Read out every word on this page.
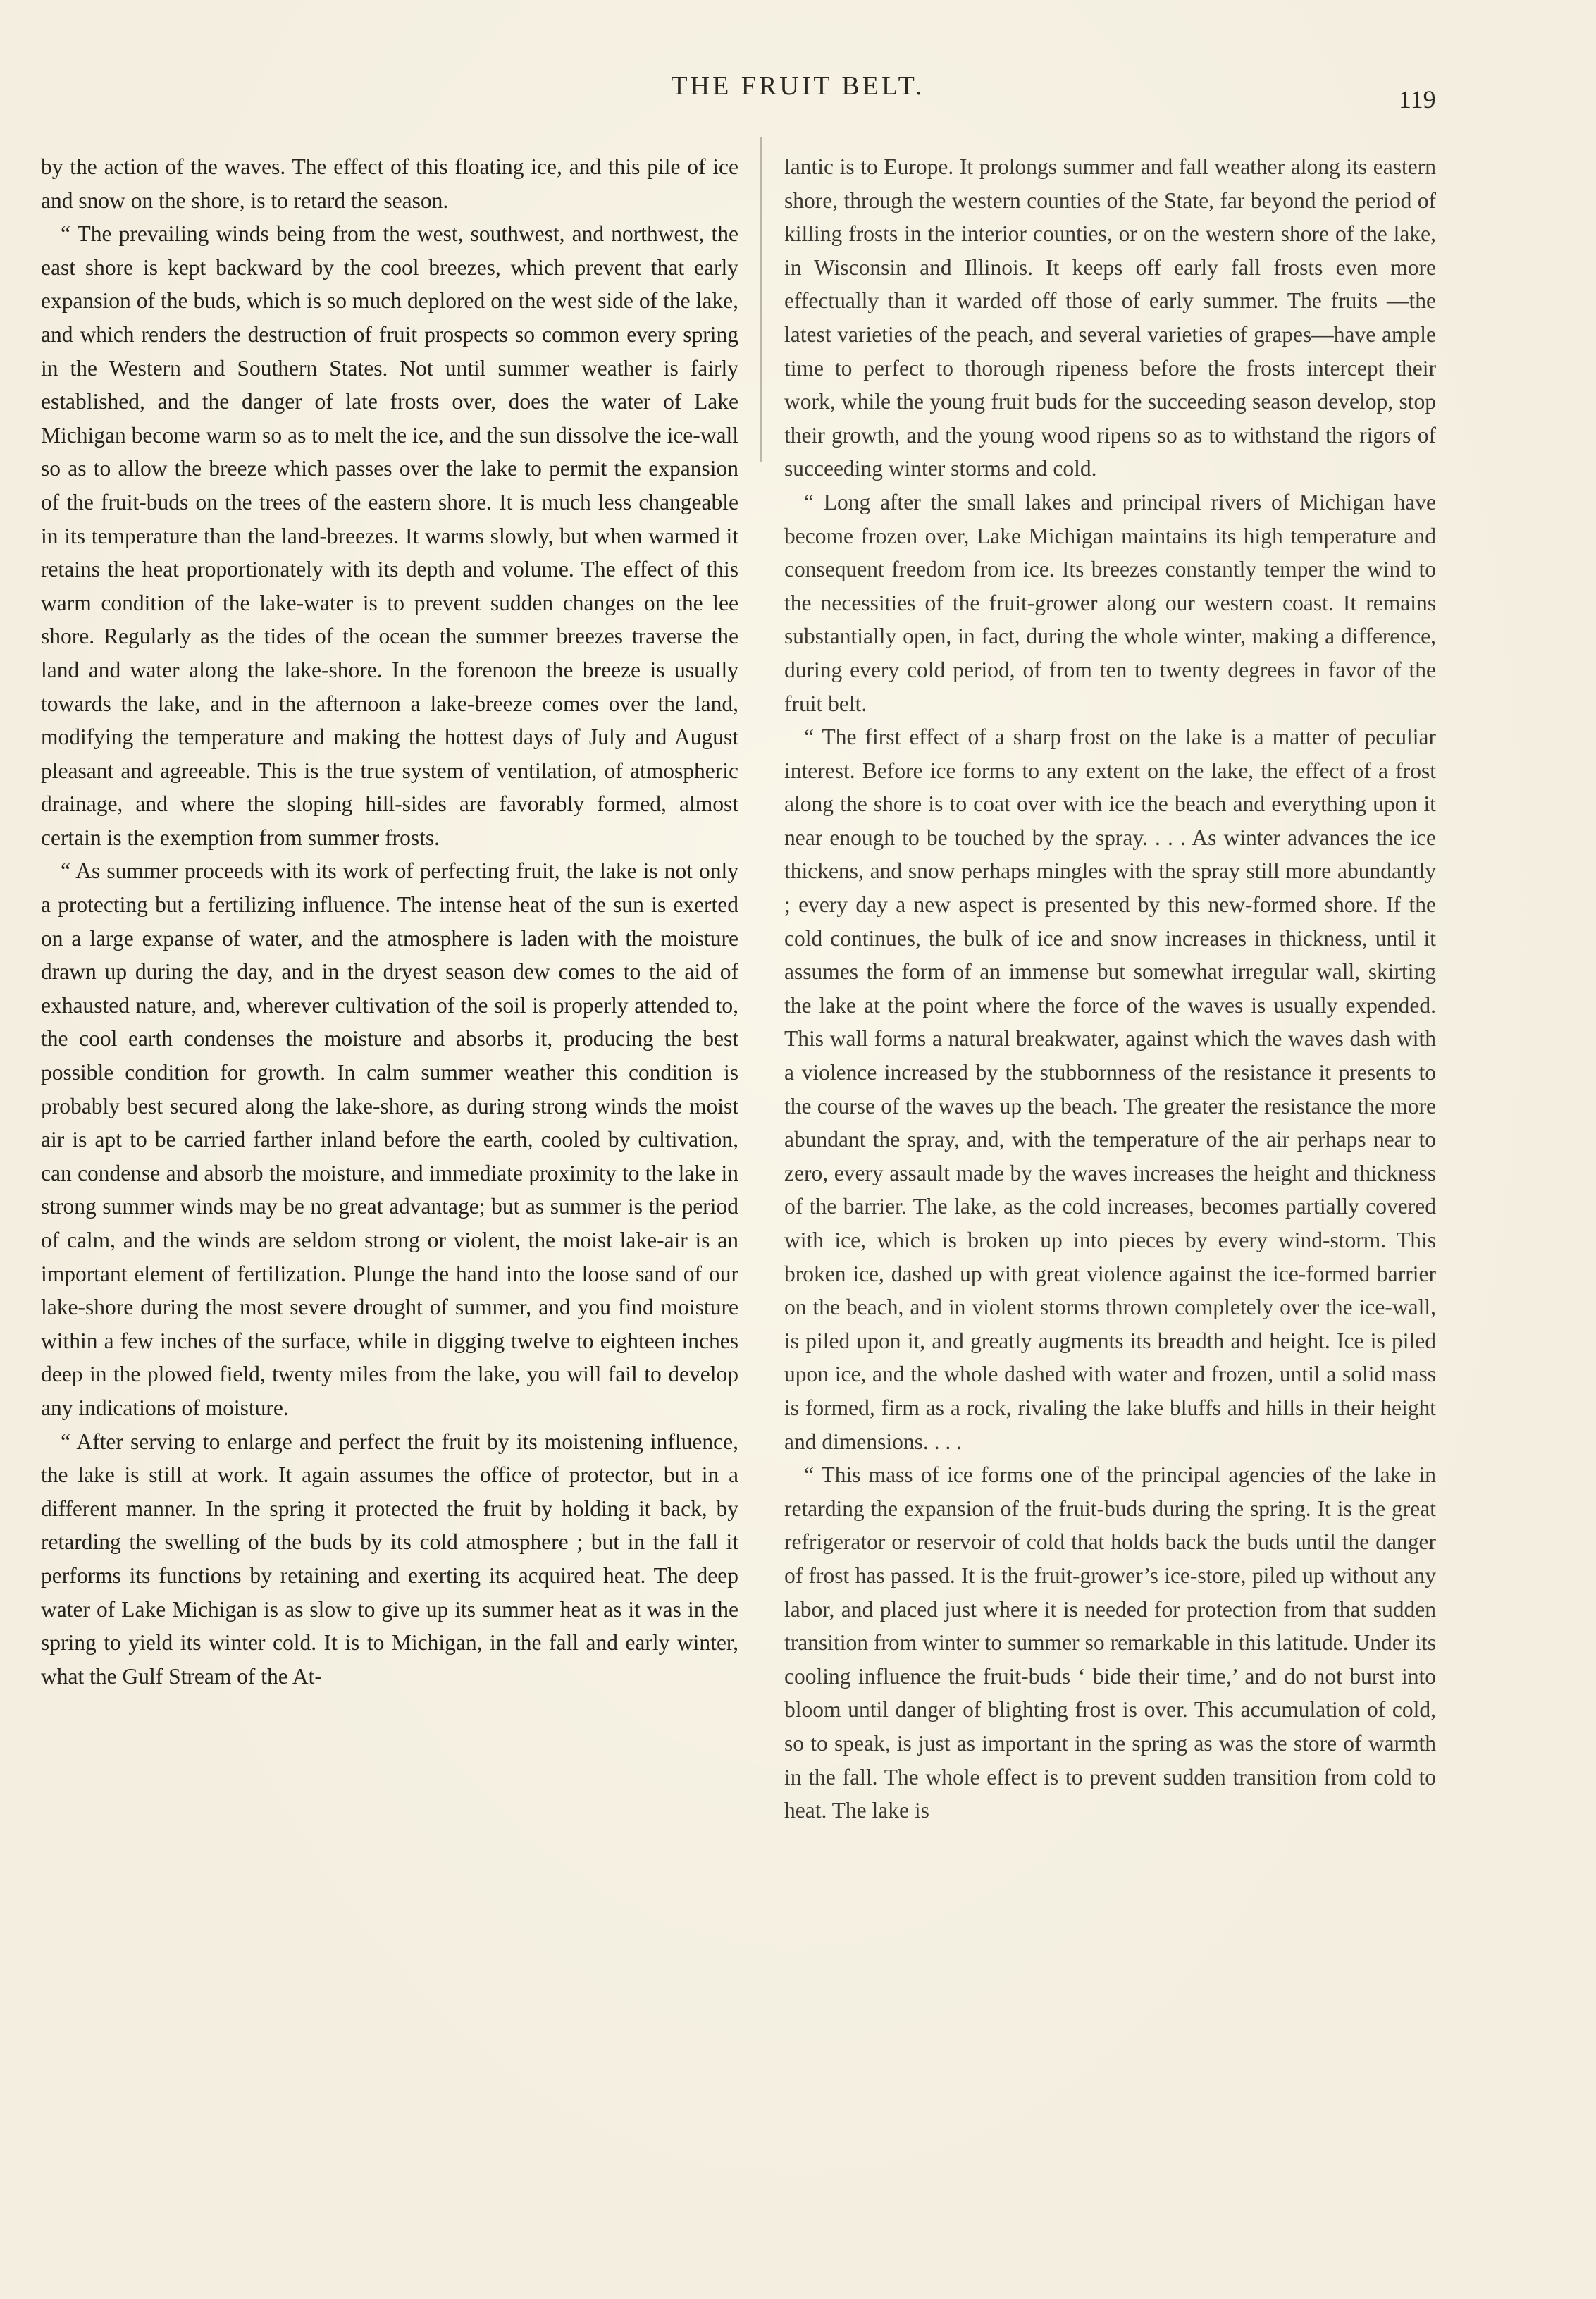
THE FRUIT BELT.	119

by the action of the waves. The effect of this floating ice, and this pile of ice and snow on the shore, is to retard the season.

“ The prevailing winds being from the west, southwest, and northwest, the east shore is kept backward by the cool breezes, which prevent that early expansion of the buds, which is so much deplored on the west side of the lake, and which renders the destruction of fruit prospects so common every spring in the Western and Southern States. Not until summer weather is fairly established, and the danger of late frosts over, does the water of Lake Michigan become warm so as to melt the ice, and the sun dissolve the ice-wall so as to allow the breeze which passes over the lake to permit the expansion of the fruit-buds on the trees of the eastern shore. It is much less changeable in its temperature than the land-breezes. It warms slowly, but when warmed it retains the heat proportionately with its depth and volume. The effect of this warm condition of the lake-water is to prevent sudden changes on the lee shore. Regularly as the tides of the ocean the summer breezes traverse the land and water along the lake-shore. In the forenoon the breeze is usually towards the lake, and in the afternoon a lake-breeze comes over the land, modifying the temperature and making the hottest days of July and August pleasant and agreeable. This is the true system of ventilation, of atmospheric drainage, and where the sloping hill-sides are favorably formed, almost certain is the exemption from summer frosts.

“ As summer proceeds with its work of perfecting fruit, the lake is not only a protecting but a fertilizing influence. The intense heat of the sun is exerted on a large expanse of water, and the atmosphere is laden with the moisture drawn up during the day, and in the dryest season dew comes to the aid of exhausted nature, and, wherever cultivation of the soil is properly attended to, the cool earth condenses the moisture and absorbs it, producing the best possible condition for growth. In calm summer weather this condition is probably best secured along the lake-shore, as during strong winds the moist air is apt to be carried farther inland before the earth, cooled by cultivation, can condense and absorb the moisture, and immediate proximity to the lake in strong summer winds may be no great advantage; but as summer is the period of calm, and the winds are seldom strong or violent, the moist lake-air is an important element of fertilization. Plunge the hand into the loose sand of our lake-shore during the most severe drought of summer, and you find moisture within a few inches of the surface, while in digging twelve to eighteen inches deep in the plowed field, twenty miles from the lake, you will fail to develop any indications of moisture.

“ After serving to enlarge and perfect the fruit by its moistening influence, the lake is still at work. It again assumes the office of protector, but in a different manner. In the spring it protected the fruit by holding it back, by retarding the swelling of the buds by its cold atmosphere ; but in the fall it performs its functions by retaining and exerting its acquired heat. The deep water of Lake Michigan is as slow to give up its summer heat as it was in the spring to yield its winter cold. It is to Michigan, in the fall and early winter, what the Gulf Stream of the At-

lantic is to Europe. It prolongs summer and fall weather along its eastern shore, through the western counties of the State, far beyond the period of killing frosts in the interior counties, or on the western shore of the lake, in Wisconsin and Illinois. It keeps off early fall frosts even more effectually than it warded off those of early summer. The fruits —the latest varieties of the peach, and several varieties of grapes—have ample time to perfect to thorough ripeness before the frosts intercept their work, while the young fruit buds for the succeeding season develop, stop their growth, and the young wood ripens so as to withstand the rigors of succeeding winter storms and cold.

“ Long after the small lakes and principal rivers of Michigan have become frozen over, Lake Michigan maintains its high temperature and consequent freedom from ice. Its breezes constantly temper the wind to the necessities of the fruit-grower along our western coast. It remains substantially open, in fact, during the whole winter, making a difference, during every cold period, of from ten to twenty degrees in favor of the fruit belt.

“ The first effect of a sharp frost on the lake is a matter of peculiar interest. Before ice forms to any extent on the lake, the effect of a frost along the shore is to coat over with ice the beach and everything upon it near enough to be touched by the spray. . . . As winter advances the ice thickens, and snow perhaps mingles with the spray still more abundantly ; every day a new aspect is presented by this new-formed shore. If the cold continues, the bulk of ice and snow increases in thickness, until it assumes the form of an immense but somewhat irregular wall, skirting the lake at the point where the force of the waves is usually expended. This wall forms a natural breakwater, against which the waves dash with a violence increased by the stubbornness of the resistance it presents to the course of the waves up the beach. The greater the resistance the more abundant the spray, and, with the temperature of the air perhaps near to zero, every assault made by the waves increases the height and thickness of the barrier. The lake, as the cold increases, becomes partially covered with ice, which is broken up into pieces by every wind-storm. This broken ice, dashed up with great violence against the ice-formed barrier on the beach, and in violent storms thrown completely over the ice-wall, is piled upon it, and greatly augments its breadth and height. Ice is piled upon ice, and the whole dashed with water and frozen, until a solid mass is formed, firm as a rock, rivaling the lake bluffs and hills in their height and dimensions. . . .

“ This mass of ice forms one of the principal agencies of the lake in retarding the expansion of the fruit-buds during the spring. It is the great refrigerator or reservoir of cold that holds back the buds until the danger of frost has passed. It is the fruit-grower’s ice-store, piled up without any labor, and placed just where it is needed for protection from that sudden transition from winter to summer so remarkable in this latitude. Under its cooling influence the fruit-buds ‘ bide their time,’ and do not burst into bloom until danger of blighting frost is over. This accumulation of cold, so to speak, is just as important in the spring as was the store of warmth in the fall. The whole effect is to prevent sudden transition from cold to heat. The lake is
